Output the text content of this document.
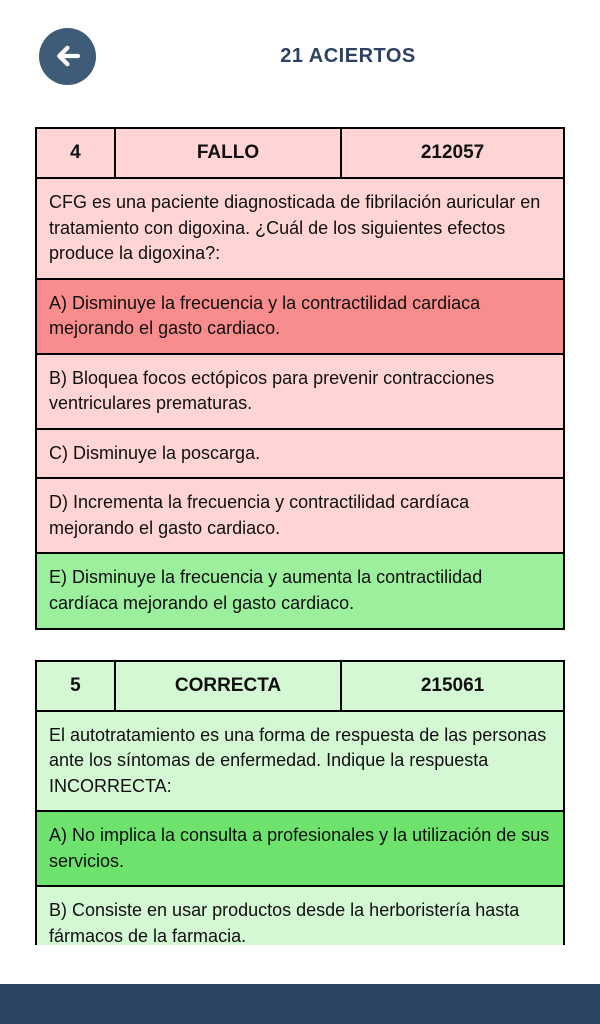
21 ACIERTOS
4	FALLO	212057
CFG es una paciente diagnosticada de fibrilación auricular en tratamiento con digoxina. ¿Cuál de los siguientes efectos produce la digoxina?:
A) Disminuye la frecuencia y la contractilidad cardiaca mejorando el gasto cardiaco.
B) Bloquea focos ectópicos para prevenir contracciones ventriculares prematuras.
C) Disminuye la poscarga.
D) Incrementa la frecuencia y contractilidad cardíaca mejorando el gasto cardiaco.
E) Disminuye la frecuencia y aumenta la contractilidad cardíaca mejorando el gasto cardiaco.
5	CORRECTA	215061
El autotratamiento es una forma de respuesta de las personas ante los síntomas de enfermedad. Indique la respuesta INCORRECTA:
A) No implica la consulta a profesionales y la utilización de sus servicios.
B) Consiste en usar productos desde la herboristería hasta fármacos de la farmacia.
